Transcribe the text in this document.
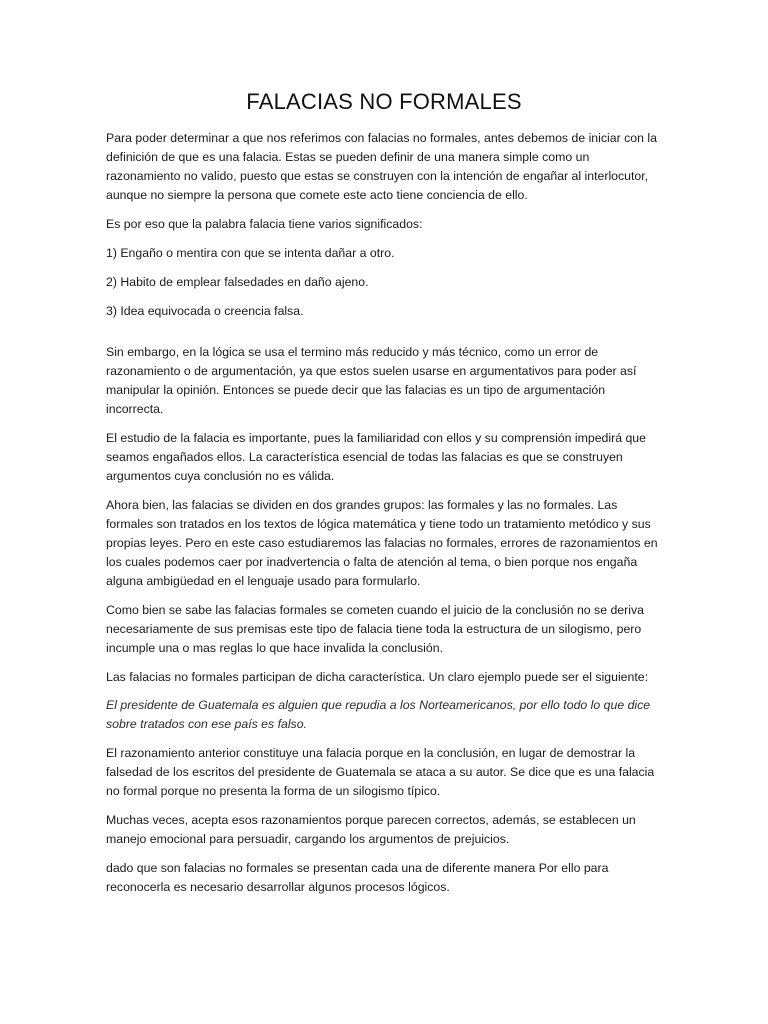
FALACIAS NO FORMALES

Para poder determinar a que nos referimos con falacias no formales, antes debemos de iniciar con la definición de que es una falacia. Estas se pueden definir de una manera simple como un razonamiento no valido, puesto que estas se construyen con la intención de engañar al interlocutor, aunque no siempre la persona que comete este acto tiene conciencia de ello.

Es por eso que la palabra falacia tiene varios significados:

1) Engaño o mentira con que se intenta dañar a otro.

2) Habito de emplear falsedades en daño ajeno.

3) Idea equivocada o creencia falsa.

Sin embargo, en la lógica se usa el termino más reducido y más técnico, como un error de razonamiento o de argumentación, ya que estos suelen usarse en argumentativos para poder así manipular la opinión. Entonces se puede decir que las falacias es un tipo de argumentación incorrecta.

El estudio de la falacia es importante, pues la familiaridad con ellos y su comprensión impedirá que seamos engañados ellos. La característica esencial de todas las falacias es que se construyen argumentos cuya conclusión no es válida.

Ahora bien, las falacias se dividen en dos grandes grupos: las formales y las no formales. Las formales son tratados en los textos de lógica matemática y tiene todo un tratamiento metódico y sus propias leyes. Pero en este caso estudiaremos las falacias no formales, errores de razonamientos en los cuales podemos caer por inadvertencia o falta de atención al tema, o bien porque nos engaña alguna ambigüedad en el lenguaje usado para formularlo.

Como bien se sabe las falacias formales se cometen cuando el juicio de la conclusión no se deriva necesariamente de sus premisas este tipo de falacia tiene toda la estructura de un silogismo, pero incumple una o mas reglas lo que hace invalida la conclusión.

Las falacias no formales participan de dicha característica. Un claro ejemplo puede ser el siguiente:

El presidente de Guatemala es alguien que repudia a los Norteamericanos, por ello todo lo que dice sobre tratados con ese país es falso.

El razonamiento anterior constituye una falacia porque en la conclusión, en lugar de demostrar la falsedad de los escritos del presidente de Guatemala se ataca a su autor. Se dice que es una falacia no formal porque no presenta la forma de un silogismo típico.

Muchas veces, acepta esos razonamientos porque parecen correctos, además, se establecen un manejo emocional para persuadir, cargando los argumentos de prejuicios.

dado que son falacias no formales se presentan cada una de diferente manera Por ello para reconocerla es necesario desarrollar algunos procesos lógicos.
